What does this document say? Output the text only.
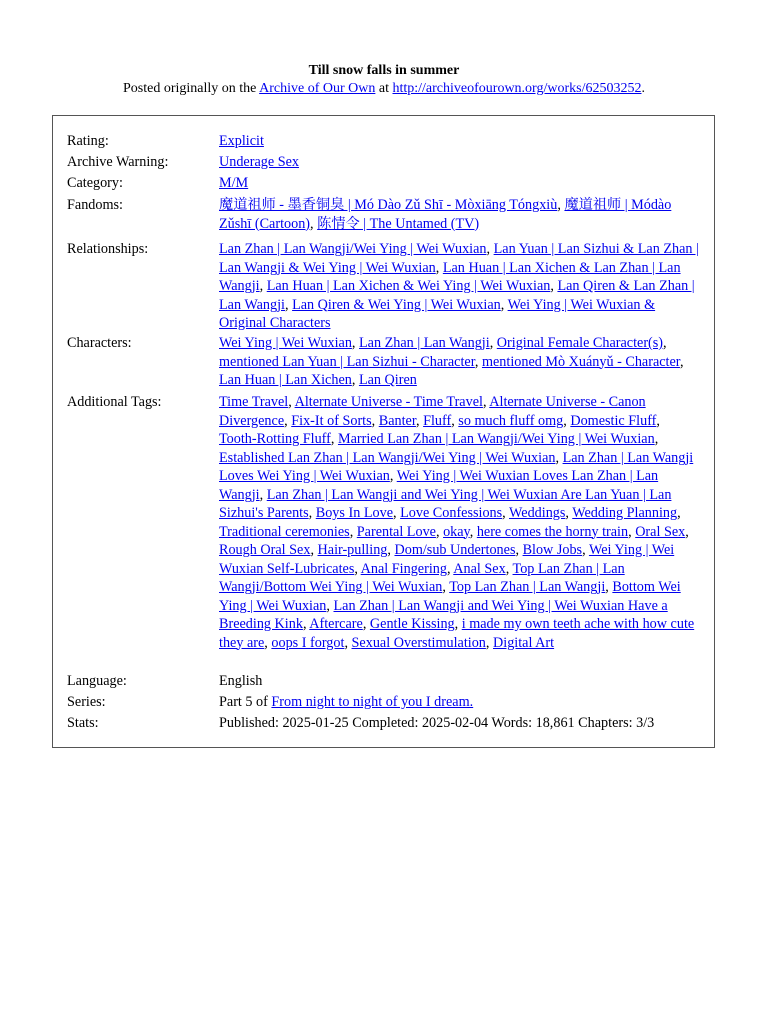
Till snow falls in summer
Posted originally on the Archive of Our Own at http://archiveofourown.org/works/62503252.
Rating:	Explicit
Archive Warning:	Underage Sex
Category:	M/M
Fandoms:	魔道祖师 - 墨香铜臭 | Mó Dào Zǔ Shī - Mòxiāng Tóngxiù, 魔道祖师 | Módào Zǔshī (Cartoon), 陈情令 | The Untamed (TV)
Relationships:	Lan Zhan | Lan Wangji/Wei Ying | Wei Wuxian, Lan Yuan | Lan Sizhui & Lan Zhan | Lan Wangji & Wei Ying | Wei Wuxian, Lan Huan | Lan Xichen & Lan Zhan | Lan Wangji, Lan Huan | Lan Xichen & Wei Ying | Wei Wuxian, Lan Qiren & Lan Zhan | Lan Wangji, Lan Qiren & Wei Ying | Wei Wuxian, Wei Ying | Wei Wuxian & Original Characters
Characters:	Wei Ying | Wei Wuxian, Lan Zhan | Lan Wangji, Original Female Character(s), mentioned Lan Yuan | Lan Sizhui - Character, mentioned Mò Xuányǔ - Character, Lan Huan | Lan Xichen, Lan Qiren
Additional Tags:	Time Travel, Alternate Universe - Time Travel, Alternate Universe - Canon Divergence, Fix-It of Sorts, Banter, Fluff, so much fluff omg, Domestic Fluff, Tooth-Rotting Fluff, Married Lan Zhan | Lan Wangji/Wei Ying | Wei Wuxian, Established Lan Zhan | Lan Wangji/Wei Ying | Wei Wuxian, Lan Zhan | Lan Wangji Loves Wei Ying | Wei Wuxian, Wei Ying | Wei Wuxian Loves Lan Zhan | Lan Wangji, Lan Zhan | Lan Wangji and Wei Ying | Wei Wuxian Are Lan Yuan | Lan Sizhui's Parents, Boys In Love, Love Confessions, Weddings, Wedding Planning, Traditional ceremonies, Parental Love, okay, here comes the horny train, Oral Sex, Rough Oral Sex, Hair-pulling, Dom/sub Undertones, Blow Jobs, Wei Ying | Wei Wuxian Self-Lubricates, Anal Fingering, Anal Sex, Top Lan Zhan | Lan Wangji/Bottom Wei Ying | Wei Wuxian, Top Lan Zhan | Lan Wangji, Bottom Wei Ying | Wei Wuxian, Lan Zhan | Lan Wangji and Wei Ying | Wei Wuxian Have a Breeding Kink, Aftercare, Gentle Kissing, i made my own teeth ache with how cute they are, oops I forgot, Sexual Overstimulation, Digital Art
Language:	English
Series:	Part 5 of From night to night of you I dream.
Stats:	Published: 2025-01-25 Completed: 2025-02-04 Words: 18,861 Chapters: 3/3
